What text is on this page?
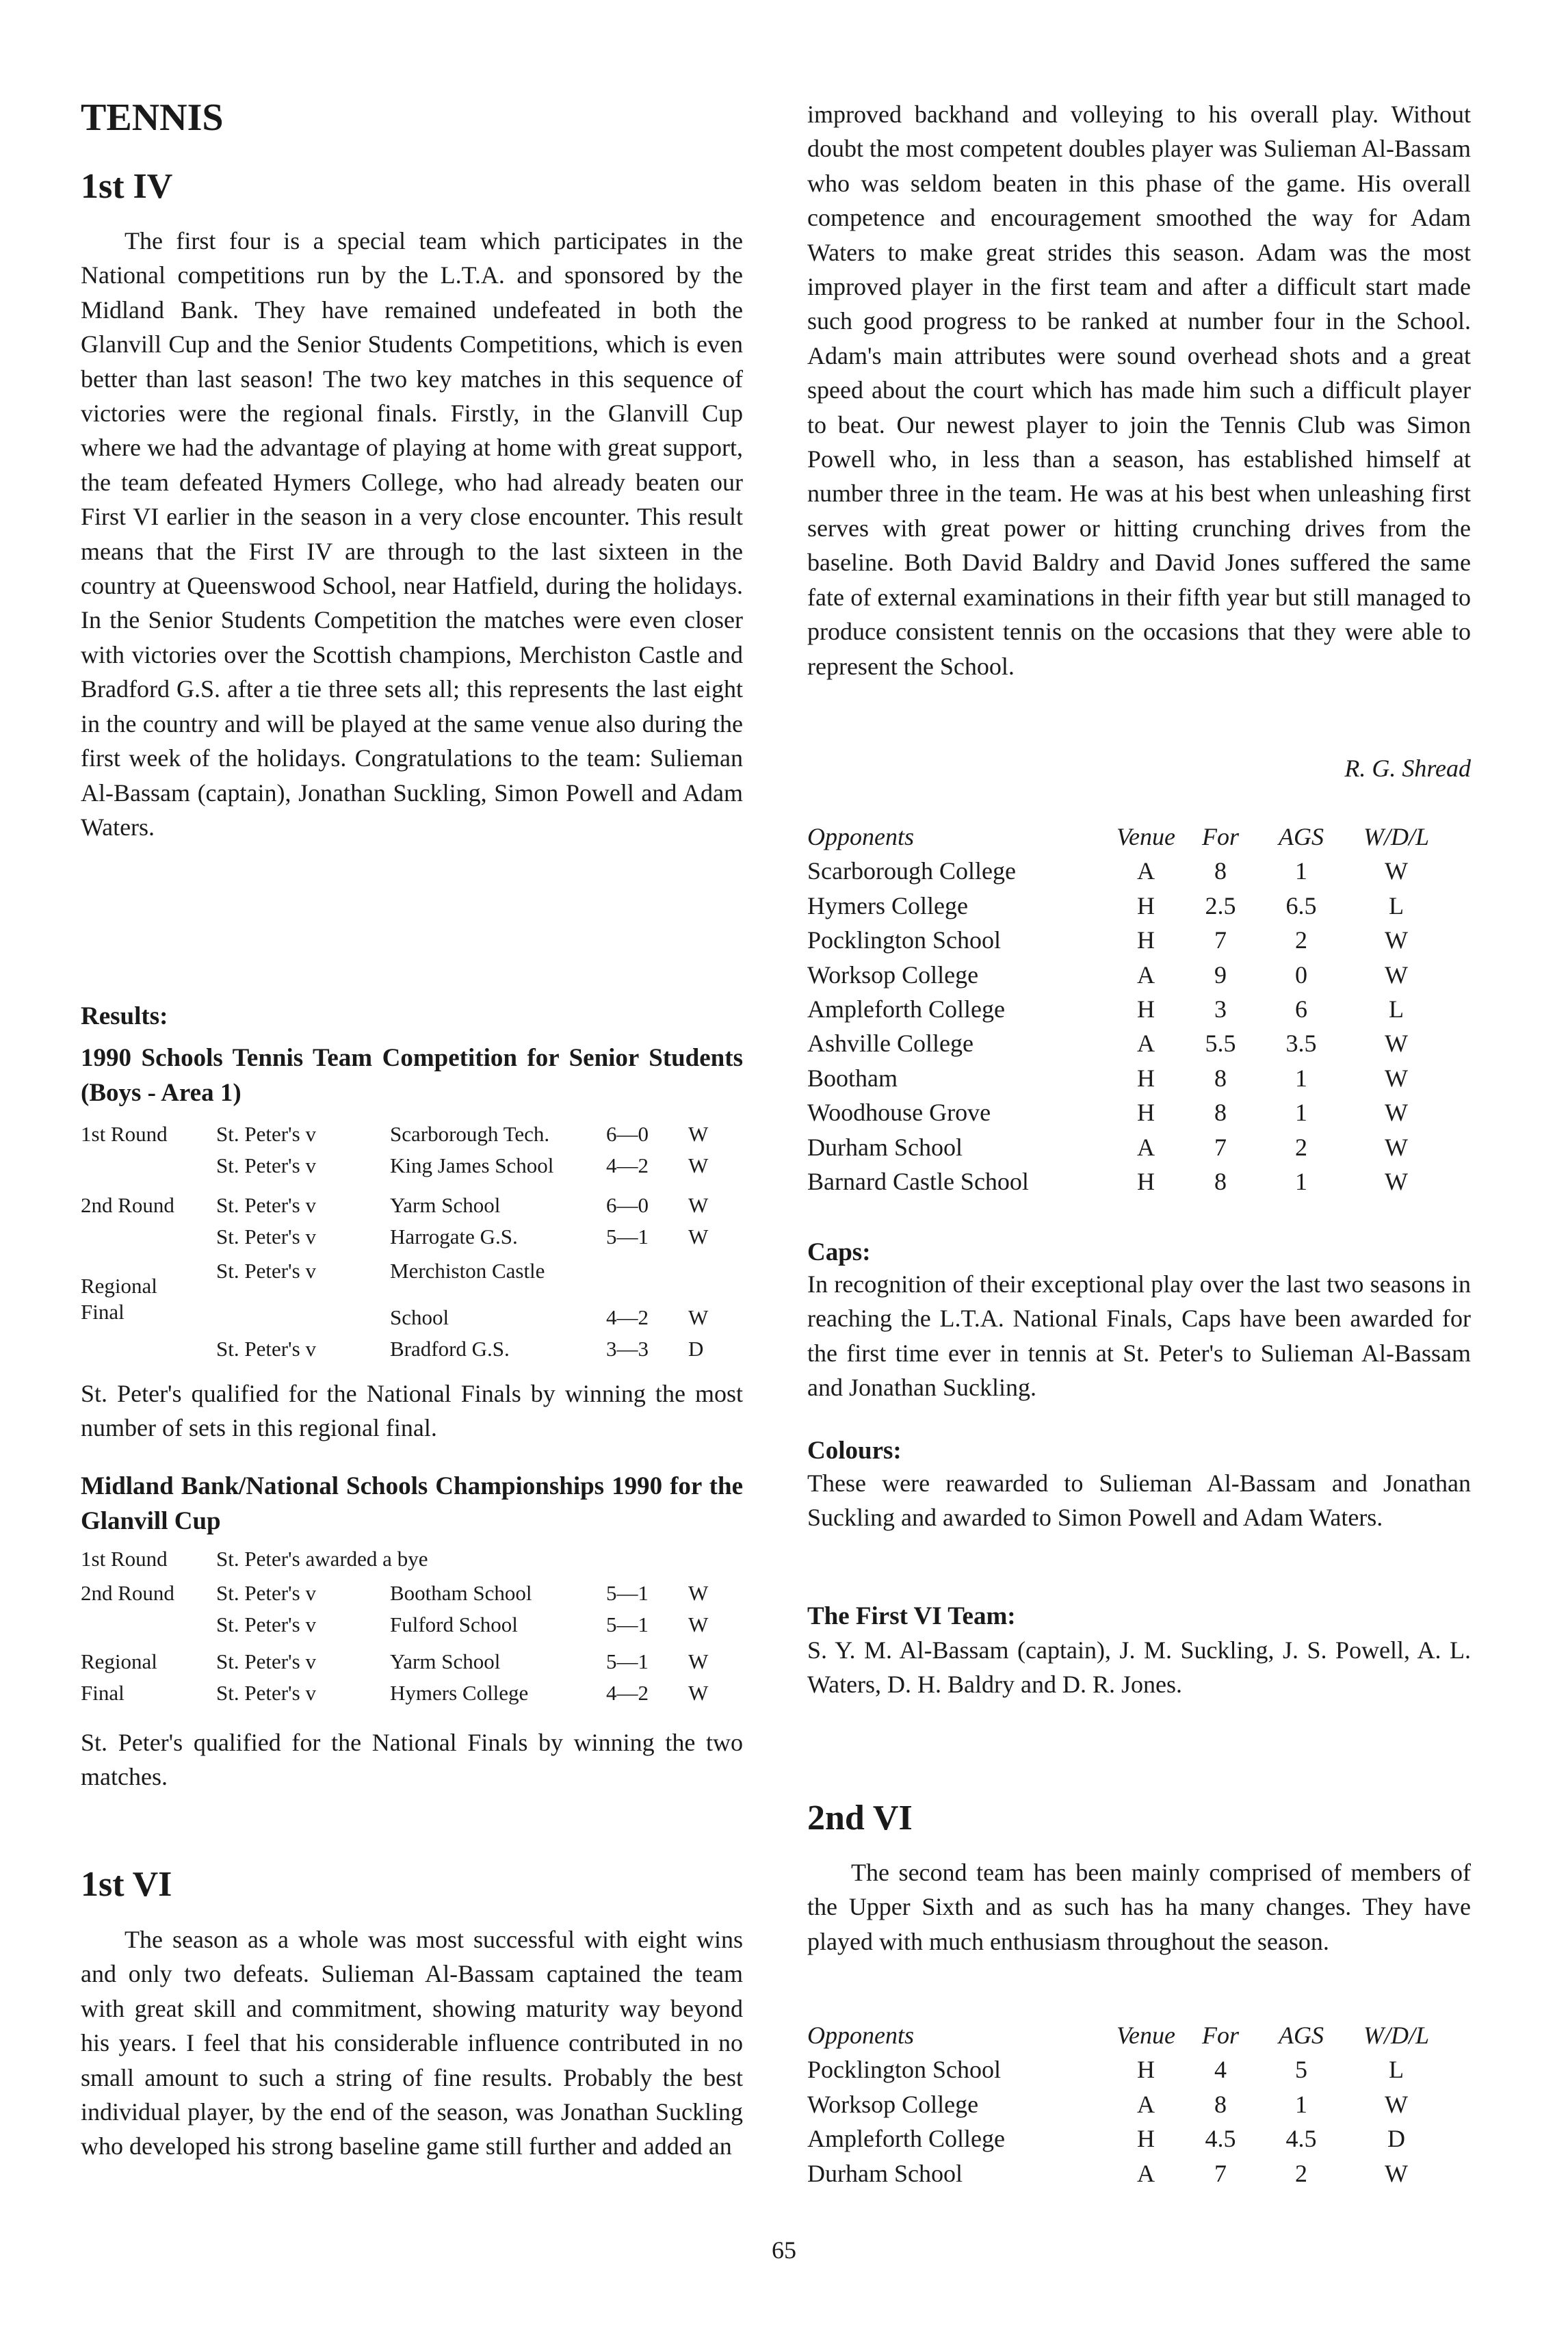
TENNIS
1st IV

The first four is a special team which participates in the National competitions run by the L.T.A. and sponsored by the Midland Bank. They have remained undefeated in both the Glanvill Cup and the Senior Students Competitions, which is even better than last season! The two key matches in this sequence of victories were the regional finals. Firstly, in the Glanvill Cup where we had the advantage of playing at home with great support, the team defeated Hymers College, who had already beaten our First VI earlier in the season in a very close encounter. This result means that the First IV are through to the last sixteen in the country at Queenswood School, near Hatfield, during the holidays. In the Senior Students Competition the matches were even closer with victories over the Scottish champions, Merchiston Castle and Bradford G.S. after a tie three sets all; this represents the last eight in the country and will be played at the same venue also during the first week of the holidays. Congratulations to the team: Sulieman Al-Bassam (captain), Jonathan Suckling, Simon Powell and Adam Waters.

Results:

1990 Schools Tennis Team Competition for Senior Students (Boys - Area 1)

1st Round	St. Peter's v	Scarborough Tech.	6—0	W
	St. Peter's v	King James School	4—2	W
2nd Round	St. Peter's v	Yarm School	6—0	W
	St. Peter's v	Harrogate G.S.	5—1	W
Regional	St. Peter's v	Merchiston Castle		
Final		School	4—2	W
	St. Peter's v	Bradford G.S.	3—3	D

St. Peter's qualified for the National Finals by winning the most number of sets in this regional final.

Midland Bank/National Schools Championships 1990 for the Glanvill Cup

1st Round	St. Peter's awarded a bye			
2nd Round	St. Peter's v	Bootham School	5—1	W
	St. Peter's v	Fulford School	5—1	W
Regional	St. Peter's v	Yarm School	5—1	W
Final	St. Peter's v	Hymers College	4—2	W

St. Peter's qualified for the National Finals by winning the two matches.

1st VI

The season as a whole was most successful with eight wins and only two defeats. Sulieman Al-Bassam captained the team with great skill and commitment, showing maturity way beyond his years. I feel that his considerable influence contributed in no small amount to such a string of fine results. Probably the best individual player, by the end of the season, was Jonathan Suckling who developed his strong baseline game still further and added an

improved backhand and volleying to his overall play. Without doubt the most competent doubles player was Sulieman Al-Bassam who was seldom beaten in this phase of the game. His overall competence and encouragement smoothed the way for Adam Waters to make great strides this season. Adam was the most improved player in the first team and after a difficult start made such good progress to be ranked at number four in the School. Adam's main attributes were sound overhead shots and a great speed about the court which has made him such a difficult player to beat. Our newest player to join the Tennis Club was Simon Powell who, in less than a season, has established himself at number three in the team. He was at his best when unleashing first serves with great power or hitting crunching drives from the baseline. Both David Baldry and David Jones suffered the same fate of external examinations in their fifth year but still managed to produce consistent tennis on the occasions that they were able to represent the School.

R. G. Shread

Opponents	Venue	For	AGS	W/D/L
Scarborough College	A	8	1	W
Hymers College	H	2.5	6.5	L
Pocklington School	H	7	2	W
Worksop College	A	9	0	W
Ampleforth College	H	3	6	L
Ashville College	A	5.5	3.5	W
Bootham	H	8	1	W
Woodhouse Grove	H	8	1	W
Durham School	A	7	2	W
Barnard Castle School	H	8	1	W

Caps:

In recognition of their exceptional play over the last two seasons in reaching the L.T.A. National Finals, Caps have been awarded for the first time ever in tennis at St. Peter's to Sulieman Al-Bassam and Jonathan Suckling.

Colours:

These were reawarded to Sulieman Al-Bassam and Jonathan Suckling and awarded to Simon Powell and Adam Waters.

The First VI Team:

S. Y. M. Al-Bassam (captain), J. M. Suckling, J. S. Powell, A. L. Waters, D. H. Baldry and D. R. Jones.

2nd VI

The second team has been mainly comprised of members of the Upper Sixth and as such has ha many changes. They have played with much enthusiasm throughout the season.

Opponents	Venue	For	AGS	W/D/L
Pocklington School	H	4	5	L
Worksop College	A	8	1	W
Ampleforth College	H	4.5	4.5	D
Durham School	A	7	2	W
65
